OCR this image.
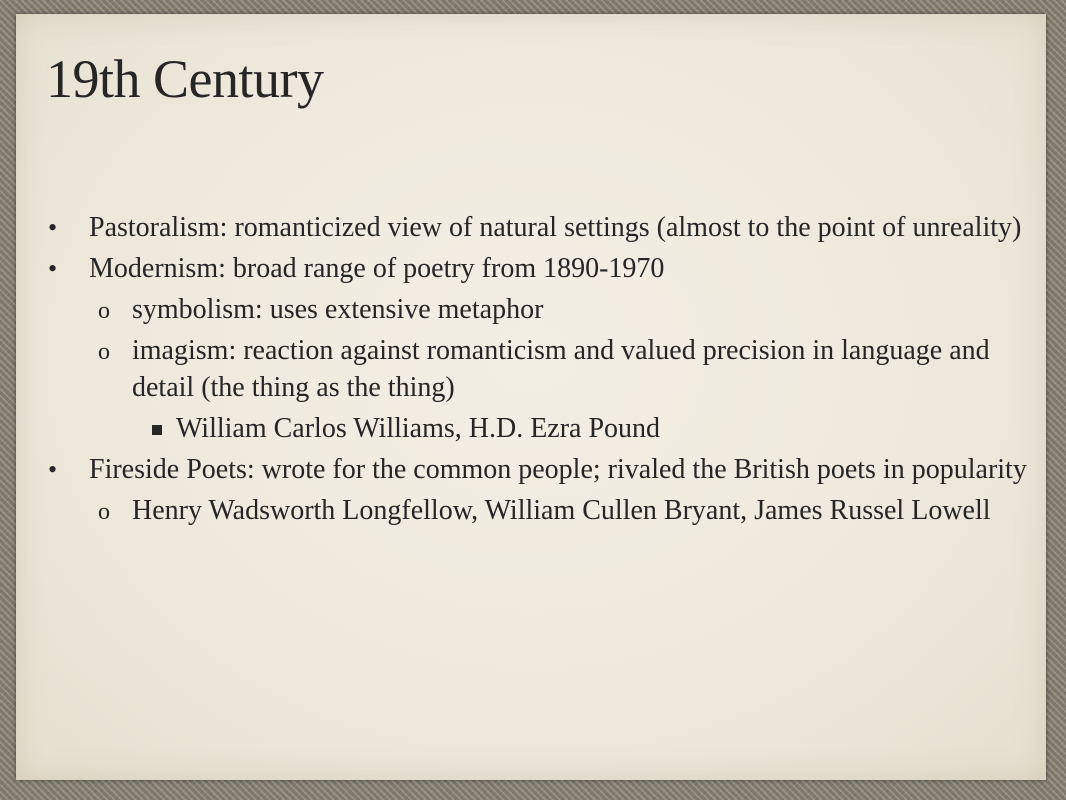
19th Century
• Pastoralism: romanticized view of natural settings (almost to the point of unreality)
• Modernism: broad range of poetry from 1890-1970
o symbolism: uses extensive metaphor
o imagism: reaction against romanticism and valued precision in language and detail (the thing as the thing)
William Carlos Williams, H.D. Ezra Pound
• Fireside Poets: wrote for the common people; rivaled the British poets in popularity
o Henry Wadsworth Longfellow, William Cullen Bryant, James Russel Lowell
